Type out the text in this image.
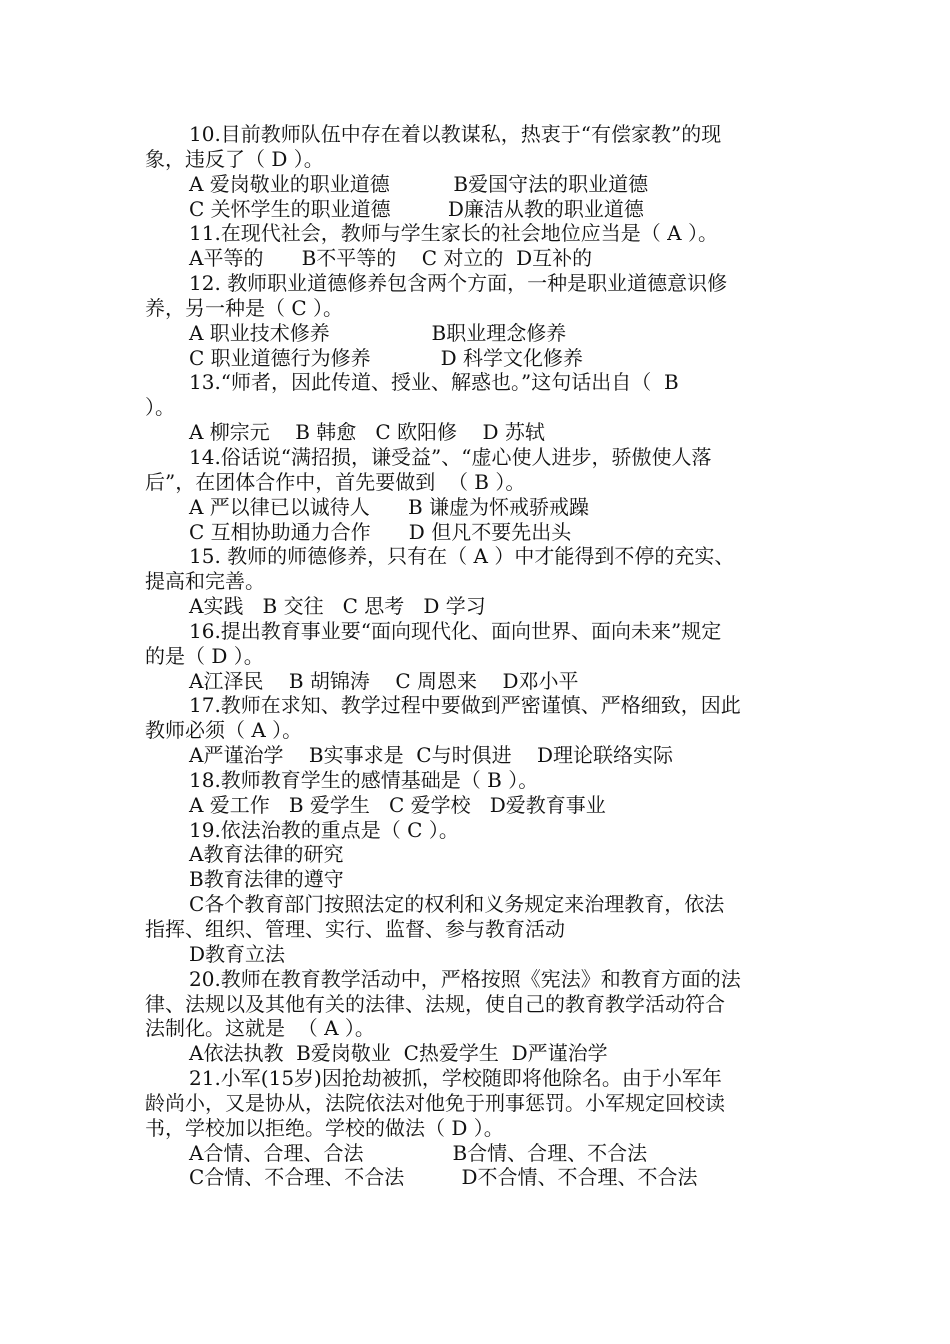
10.目前教师队伍中存在着以教谋私，热衷于“有偿家教”的现
象，违反了（ D ）。
A 爱岗敬业的职业道德          B爱国守法的职业道德
C 关怀学生的职业道德         D廉洁从教的职业道德
11.在现代社会，教师与学生家长的社会地位应当是（ A ）。
A平等的      B不平等的    C 对立的  D互补的
12. 教师职业道德修养包含两个方面，一种是职业道德意识修
养，另一种是（ C ）。
A 职业技术修养                B职业理念修养
C 职业道德行为修养           D 科学文化修养
13.“师者，因此传道、授业、解惑也。”这句话出自（  B
）。
A 柳宗元    B 韩愈   C 欧阳修    D 苏轼
14.俗话说“满招损，谦受益”、“虚心使人进步，骄傲使人落
后”，在团体合作中，首先要做到  （ B ）。
A 严以律已以诚待人      B 谦虚为怀戒骄戒躁
C 互相协助通力合作      D 但凡不要先出头
15. 教师的师德修养，只有在（ A ）中才能得到不停的充实、
提高和完善。
A实践   B 交往   C 思考   D 学习
16.提出教育事业要“面向现代化、面向世界、面向未来”规定
的是（ D ）。
A江泽民    B 胡锦涛    C 周恩来    D邓小平
17.教师在求知、教学过程中要做到严密谨慎、严格细致，因此
教师必须（ A ）。
A严谨治学    B实事求是  C与时俱进    D理论联络实际
18.教师教育学生的感情基础是（ B ）。
A 爱工作   B 爱学生   C 爱学校   D爱教育事业
19.依法治教的重点是（ C ）。
A教育法律的研究
B教育法律的遵守
C各个教育部门按照法定的权利和义务规定来治理教育，依法
指挥、组织、管理、实行、监督、参与教育活动
D教育立法
20.教师在教育教学活动中，严格按照《宪法》和教育方面的法
律、法规以及其他有关的法律、法规，使自己的教育教学活动符合
法制化。这就是  （ A ）。
A依法执教  B爱岗敬业  C热爱学生  D严谨治学
21.小军(15岁)因抢劫被抓，学校随即将他除名。由于小军年
龄尚小，又是协从，法院依法对他免于刑事惩罚。小军规定回校读
书，学校加以拒绝。学校的做法（ D ）。
A合情、合理、合法              B合情、合理、不合法
C合情、不合理、不合法         D不合情、不合理、不合法
